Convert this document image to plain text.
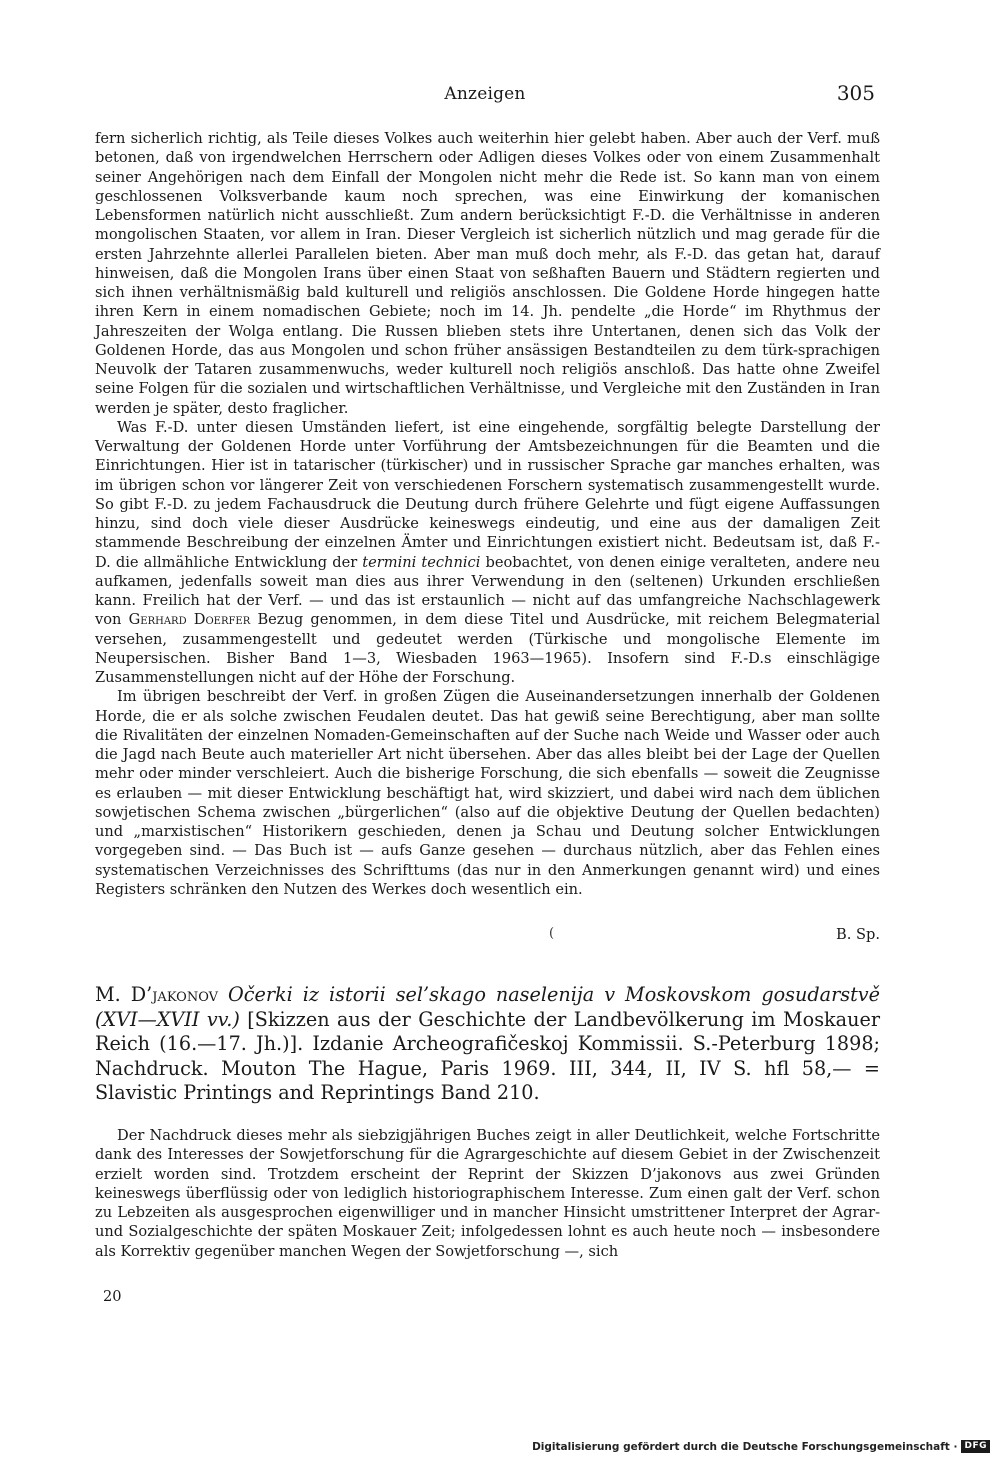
Anzeigen	305

fern sicherlich richtig, als Teile dieses Volkes auch weiterhin hier gelebt haben. Aber auch der Verf. muß betonen, daß von irgendwelchen Herrschern oder Adligen dieses Volkes oder von einem Zusammenhalt seiner Angehörigen nach dem Einfall der Mongolen nicht mehr die Rede ist. So kann man von einem geschlossenen Volksverbande kaum noch sprechen, was eine Einwirkung der komanischen Lebensformen natürlich nicht ausschließt. Zum andern berücksichtigt F.-D. die Verhältnisse in anderen mongolischen Staaten, vor allem in Iran. Dieser Vergleich ist sicherlich nützlich und mag gerade für die ersten Jahrzehnte allerlei Parallelen bieten. Aber man muß doch mehr, als F.-D. das getan hat, darauf hinweisen, daß die Mongolen Irans über einen Staat von seßhaften Bauern und Städtern regierten und sich ihnen verhältnismäßig bald kulturell und religiös anschlossen. Die Goldene Horde hingegen hatte ihren Kern in einem nomadischen Gebiete; noch im 14. Jh. pendelte „die Horde“ im Rhythmus der Jahreszeiten der Wolga entlang. Die Russen blieben stets ihre Untertanen, denen sich das Volk der Goldenen Horde, das aus Mongolen und schon früher ansässigen Bestandteilen zu dem türk-sprachigen Neuvolk der Tataren zusammenwuchs, weder kulturell noch religiös anschloß. Das hatte ohne Zweifel seine Folgen für die sozialen und wirtschaftlichen Verhältnisse, und Vergleiche mit den Zuständen in Iran werden je später, desto fraglicher.

Was F.-D. unter diesen Umständen liefert, ist eine eingehende, sorgfältig belegte Darstellung der Verwaltung der Goldenen Horde unter Vorführung der Amtsbezeichnungen für die Beamten und die Einrichtungen. Hier ist in tatarischer (türkischer) und in russischer Sprache gar manches erhalten, was im übrigen schon vor längerer Zeit von verschiedenen Forschern systematisch zusammengestellt wurde. So gibt F.-D. zu jedem Fachausdruck die Deutung durch frühere Gelehrte und fügt eigene Auffassungen hinzu, sind doch viele dieser Ausdrücke keineswegs eindeutig, und eine aus der damaligen Zeit stammende Beschreibung der einzelnen Ämter und Einrichtungen existiert nicht. Bedeutsam ist, daß F.-D. die allmähliche Entwicklung der termini technici beobachtet, von denen einige veralteten, andere neu aufkamen, jedenfalls soweit man dies aus ihrer Verwendung in den (seltenen) Urkunden erschließen kann. Freilich hat der Verf. — und das ist erstaunlich — nicht auf das umfangreiche Nachschlagewerk von Gerhard Doerfer Bezug genommen, in dem diese Titel und Ausdrücke, mit reichem Belegmaterial versehen, zusammengestellt und gedeutet werden (Türkische und mongolische Elemente im Neupersischen. Bisher Band 1—3, Wiesbaden 1963—1965). Insofern sind F.-D.s einschlägige Zusammenstellungen nicht auf der Höhe der Forschung.

Im übrigen beschreibt der Verf. in großen Zügen die Auseinandersetzungen innerhalb der Goldenen Horde, die er als solche zwischen Feudalen deutet. Das hat gewiß seine Berechtigung, aber man sollte die Rivalitäten der einzelnen Nomaden-Gemeinschaften auf der Suche nach Weide und Wasser oder auch die Jagd nach Beute auch materieller Art nicht übersehen. Aber das alles bleibt bei der Lage der Quellen mehr oder minder verschleiert. Auch die bisherige Forschung, die sich ebenfalls — soweit die Zeugnisse es erlauben — mit dieser Entwicklung beschäftigt hat, wird skizziert, und dabei wird nach dem üblichen sowjetischen Schema zwischen „bürgerlichen“ (also auf die objektive Deutung der Quellen bedachten) und „marxistischen“ Historikern geschieden, denen ja Schau und Deutung solcher Entwicklungen vorgegeben sind. — Das Buch ist — aufs Ganze gesehen — durchaus nützlich, aber das Fehlen eines systematischen Verzeichnisses des Schrifttums (das nur in den Anmerkungen genannt wird) und eines Registers schränken den Nutzen des Werkes doch wesentlich ein.

(	B. Sp.
M. D’jakonov Očerki iz istorii sel’skago naselenija v Moskovskom gosudarstvě (XVI—XVII vv.) [Skizzen aus der Geschichte der Landbevölkerung im Moskauer Reich (16.—17. Jh.)]. Izdanie Archeografičeskoj Kommissii. S.-Peterburg 1898; Nachdruck. Mouton The Hague, Paris 1969. III, 344, II, IV S. hfl 58,— = Slavistic Printings and Reprintings Band 210.

Der Nachdruck dieses mehr als siebzigjährigen Buches zeigt in aller Deutlichkeit, welche Fortschritte dank des Interesses der Sowjetforschung für die Agrargeschichte auf diesem Gebiet in der Zwischenzeit erzielt worden sind. Trotzdem erscheint der Reprint der Skizzen D’jakonovs aus zwei Gründen keineswegs überflüssig oder von lediglich historiographischem Interesse. Zum einen galt der Verf. schon zu Lebzeiten als ausgesprochen eigenwilliger und in mancher Hinsicht umstrittener Interpret der Agrar- und Sozialgeschichte der späten Moskauer Zeit; infolgedessen lohnt es auch heute noch — insbesondere als Korrektiv gegenüber manchen Wegen der Sowjetforschung —, sich

20
Digitalisierung gefördert durch die Deutsche Forschungsgemeinschaft · DFG
